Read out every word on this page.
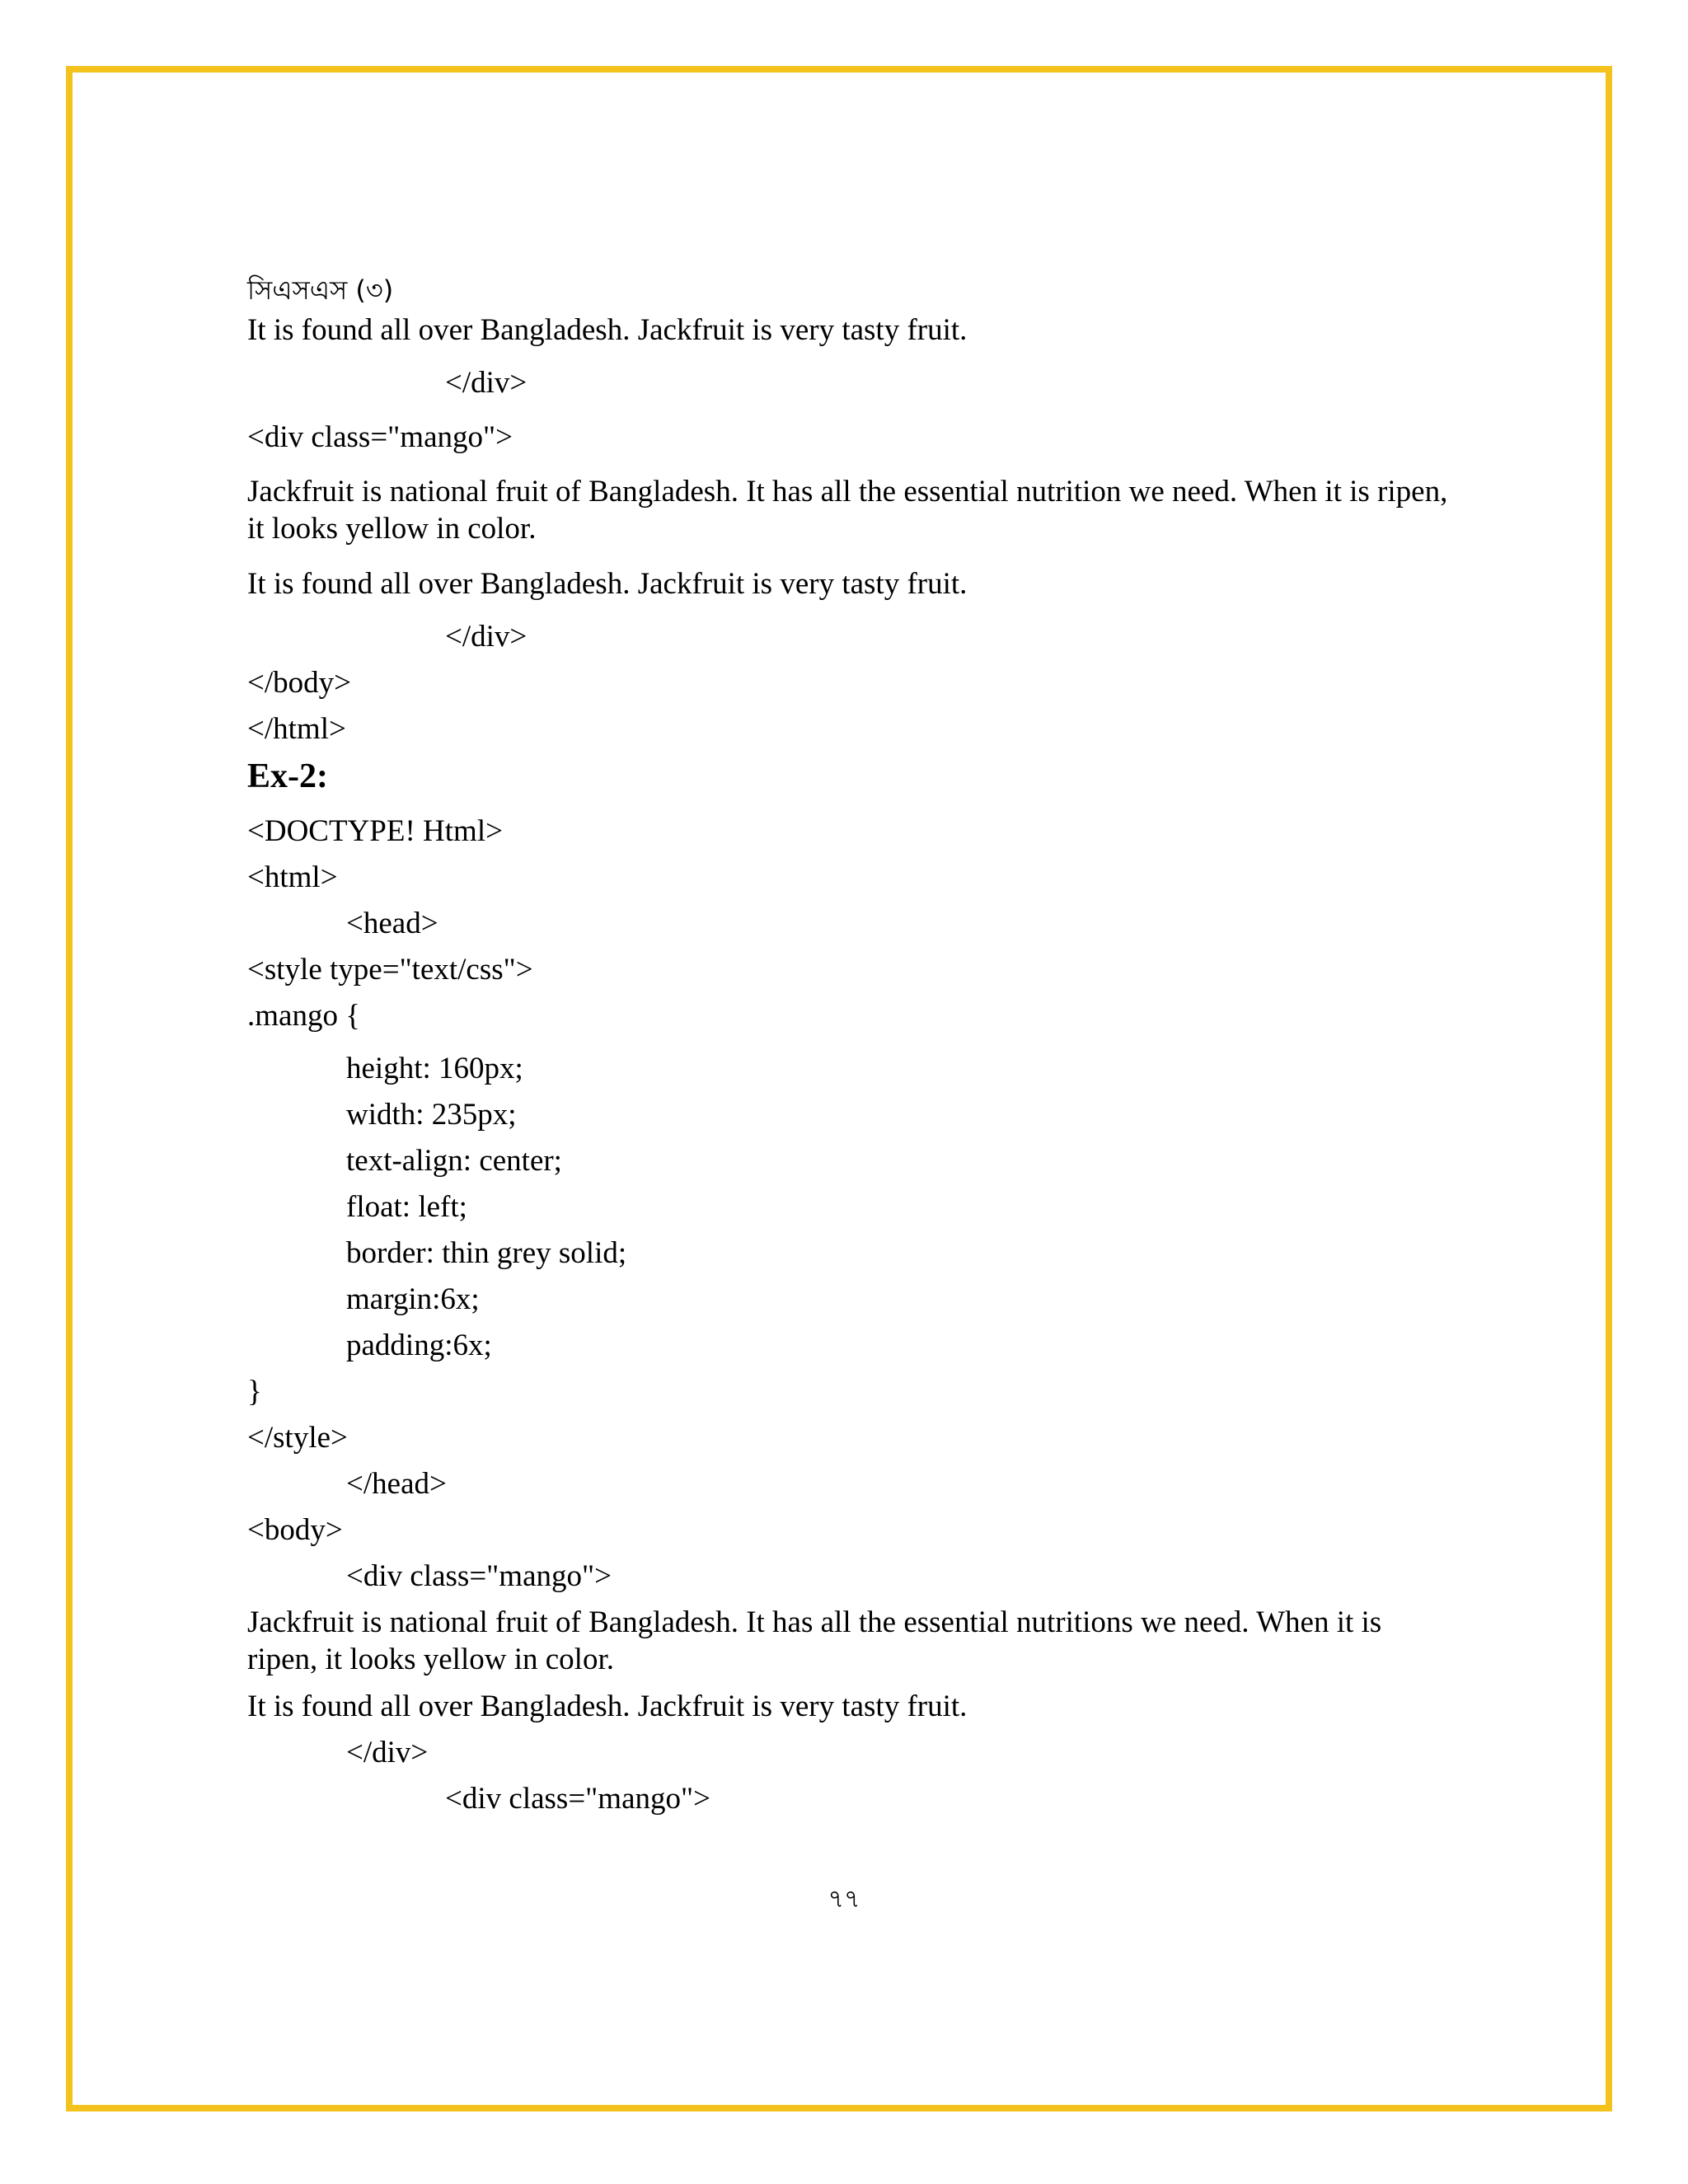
সিএসএস (৩)
It is found all over Bangladesh. Jackfruit is very tasty fruit.
</div>
<div class="mango">
Jackfruit is national fruit of Bangladesh. It has all the essential nutrition we need. When it is ripen, it looks yellow in color.
It is found all over Bangladesh. Jackfruit is very tasty fruit.
</div>
</body>
</html>
Ex-2:
<DOCTYPE! Html>
<html>
<head>
<style type="text/css">
.mango {
height: 160px;
width: 235px;
text-align: center;
float: left;
border: thin grey solid;
margin:6x;
padding:6x;
}
</style>
</head>
<body>
<div class="mango">
Jackfruit is national fruit of Bangladesh. It has all the essential nutritions we need. When it is ripen, it looks yellow in color.
It is found all over Bangladesh. Jackfruit is very tasty fruit.
</div>
<div class="mango">
৭৭
